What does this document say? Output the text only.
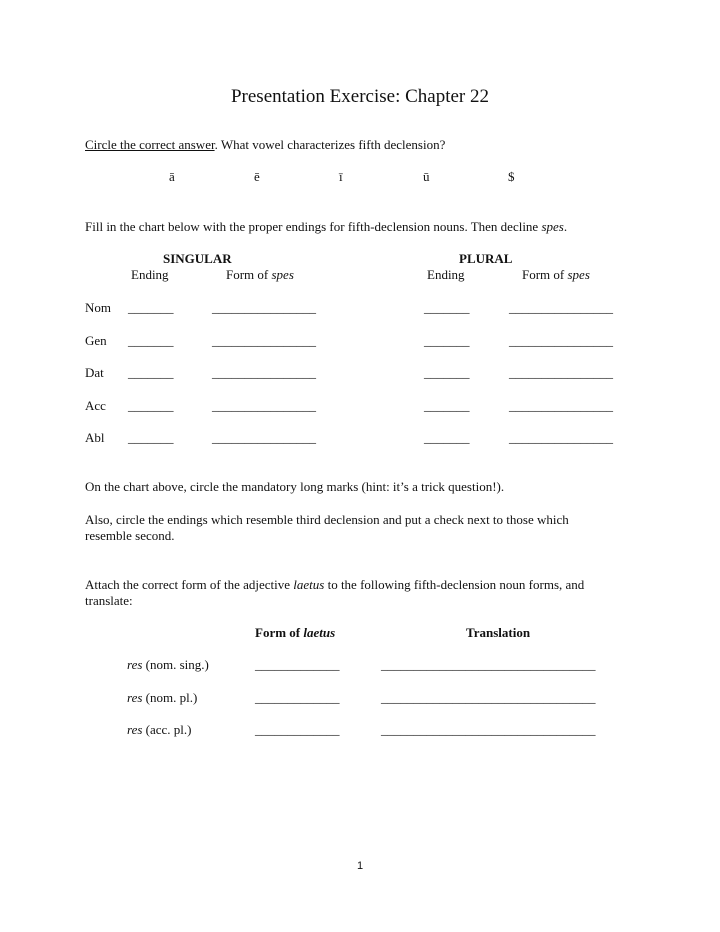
Presentation Exercise: Chapter 22
Circle the correct answer. What vowel characterizes fifth declension?
ā	ē	ī	ū	$
Fill in the chart below with the proper endings for fifth-declension nouns. Then decline spes.
SINGULAR	PLURAL
Ending	Form of spes	Ending	Form of spes
Nom _______	________________	_______	________________
Gen _______	________________	_______	________________
Dat _______	________________	_______	________________
Acc _______	________________	_______	________________
Abl _______	________________	_______	________________
On the chart above, circle the mandatory long marks (hint: it’s a trick question!).
Also, circle the endings which resemble third declension and put a check next to those which
resemble second.
Attach the correct form of the adjective laetus to the following fifth-declension noun forms, and
translate:
Form of laetus	Translation
res (nom. sing.)	_____________	_________________________________
res (nom. pl.)	_____________	_________________________________
res (acc. pl.)	_____________	_________________________________
1
